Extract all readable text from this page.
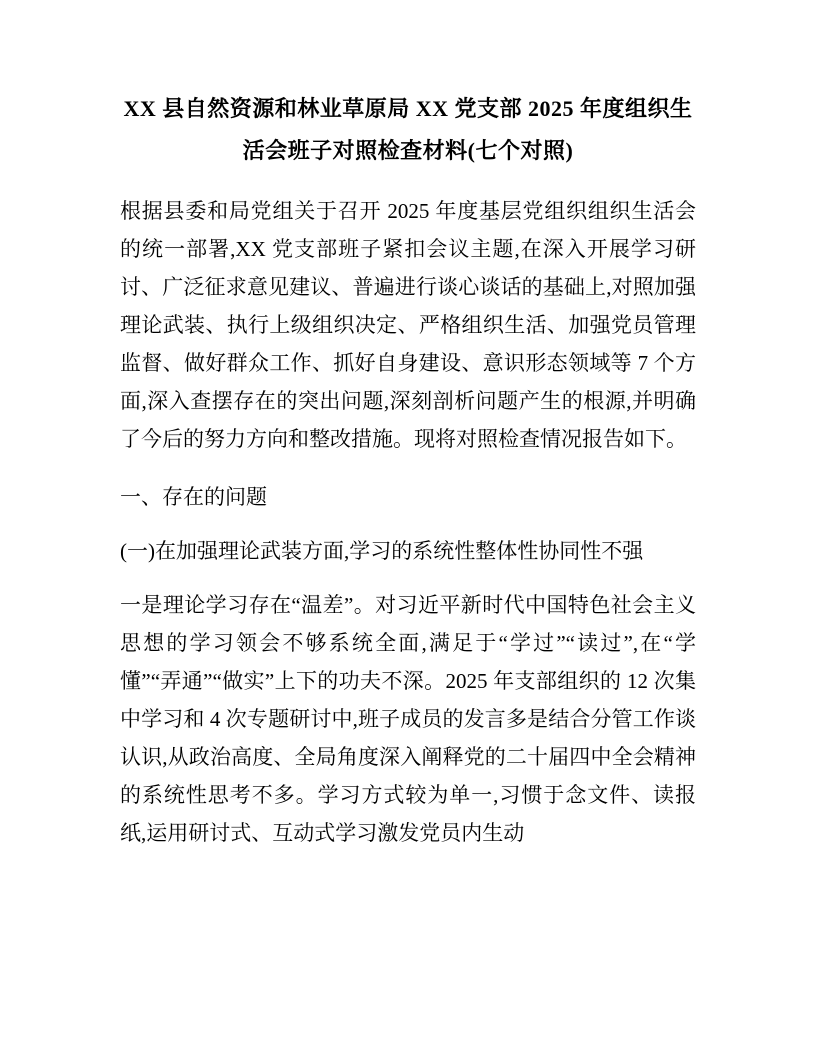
XX 县自然资源和林业草原局 XX 党支部 2025 年度组织生活会班子对照检查材料(七个对照)

根据县委和局党组关于召开 2025 年度基层党组织组织生活会的统一部署,XX 党支部班子紧扣会议主题,在深入开展学习研讨、广泛征求意见建议、普遍进行谈心谈话的基础上,对照加强理论武装、执行上级组织决定、严格组织生活、加强党员管理监督、做好群众工作、抓好自身建设、意识形态领域等 7 个方面,深入查摆存在的突出问题,深刻剖析问题产生的根源,并明确了今后的努力方向和整改措施。现将对照检查情况报告如下。

一、存在的问题

(一)在加强理论武装方面,学习的系统性整体性协同性不强

一是理论学习存在“温差”。对习近平新时代中国特色社会主义思想的学习领会不够系统全面,满足于“学过”“读过”,在“学懂”“弄通”“做实”上下的功夫不深。2025 年支部组织的 12 次集中学习和 4 次专题研讨中,班子成员的发言多是结合分管工作谈认识,从政治高度、全局角度深入阐释党的二十届四中全会精神的系统性思考不多。学习方式较为单一,习惯于念文件、读报纸,运用研讨式、互动式学习激发党员内生动
